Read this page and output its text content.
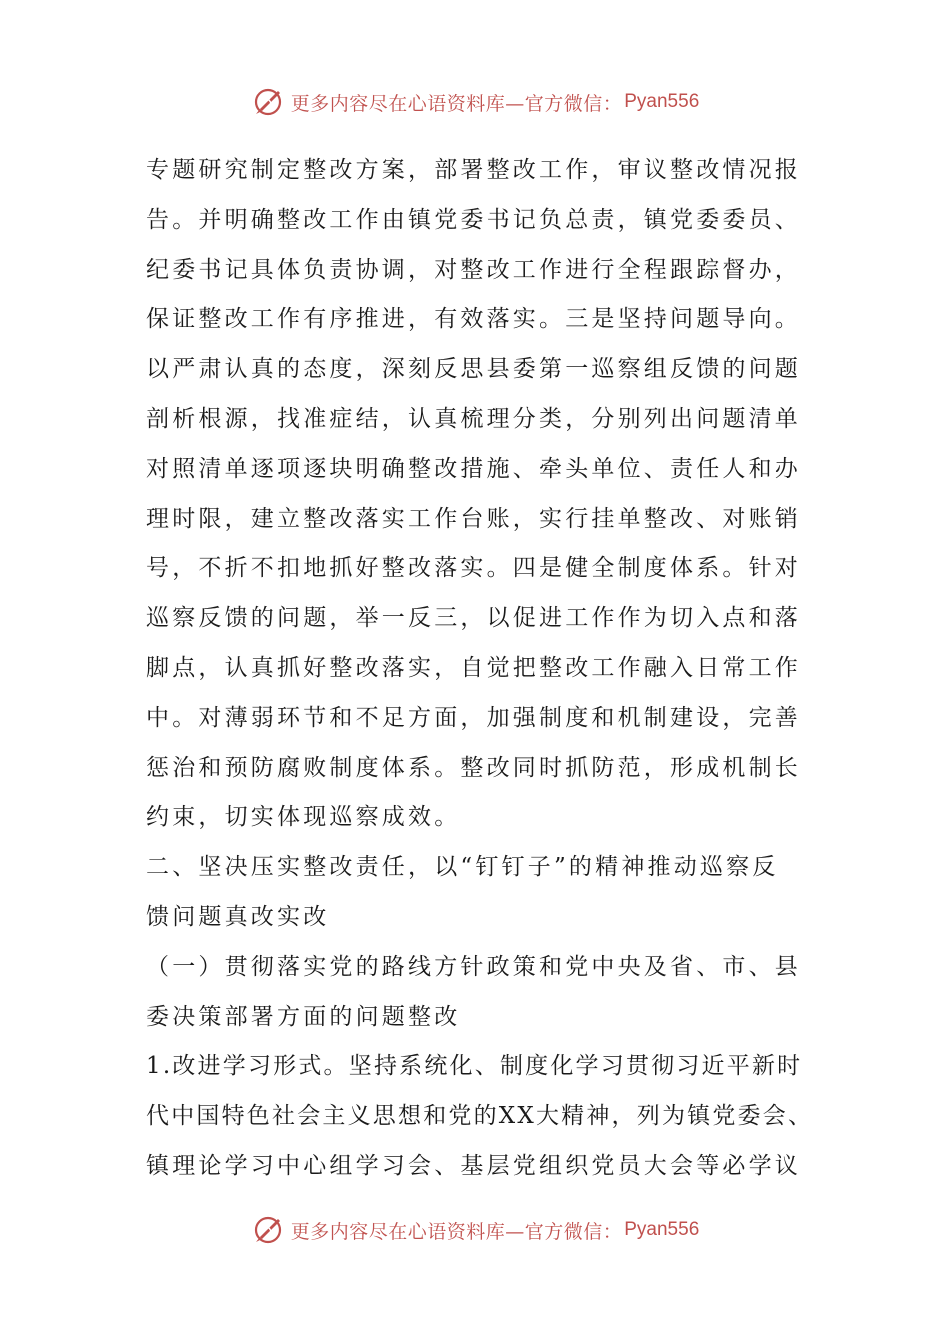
更多内容尽在心语资料库—官方微信： Pyan556
专题研究制定整改方案，部署整改工作，审议整改情况报
告。并明确整改工作由镇党委书记负总责，镇党委委员、
纪委书记具体负责协调，对整改工作进行全程跟踪督办，
保证整改工作有序推进，有效落实。三是坚持问题导向。
以严肃认真的态度，深刻反思县委第一巡察组反馈的问题
剖析根源，找准症结，认真梳理分类，分别列出问题清单
对照清单逐项逐块明确整改措施、牵头单位、责任人和办
理时限，建立整改落实工作台账，实行挂单整改、对账销
号，不折不扣地抓好整改落实。四是健全制度体系。针对
巡察反馈的问题，举一反三，以促进工作作为切入点和落
脚点，认真抓好整改落实，自觉把整改工作融入日常工作
中。对薄弱环节和不足方面，加强制度和机制建设，完善
惩治和预防腐败制度体系。整改同时抓防范，形成机制长
约束，切实体现巡察成效。
二、坚决压实整改责任，以“钉钉子”的精神推动巡察反
馈问题真改实改
（一）贯彻落实党的路线方针政策和党中央及省、市、县
委决策部署方面的问题整改
1.改进学习形式。坚持系统化、制度化学习贯彻习近平新时
代中国特色社会主义思想和党的XX大精神，列为镇党委会、
镇理论学习中心组学习会、基层党组织党员大会等必学议
更多内容尽在心语资料库—官方微信： Pyan556
